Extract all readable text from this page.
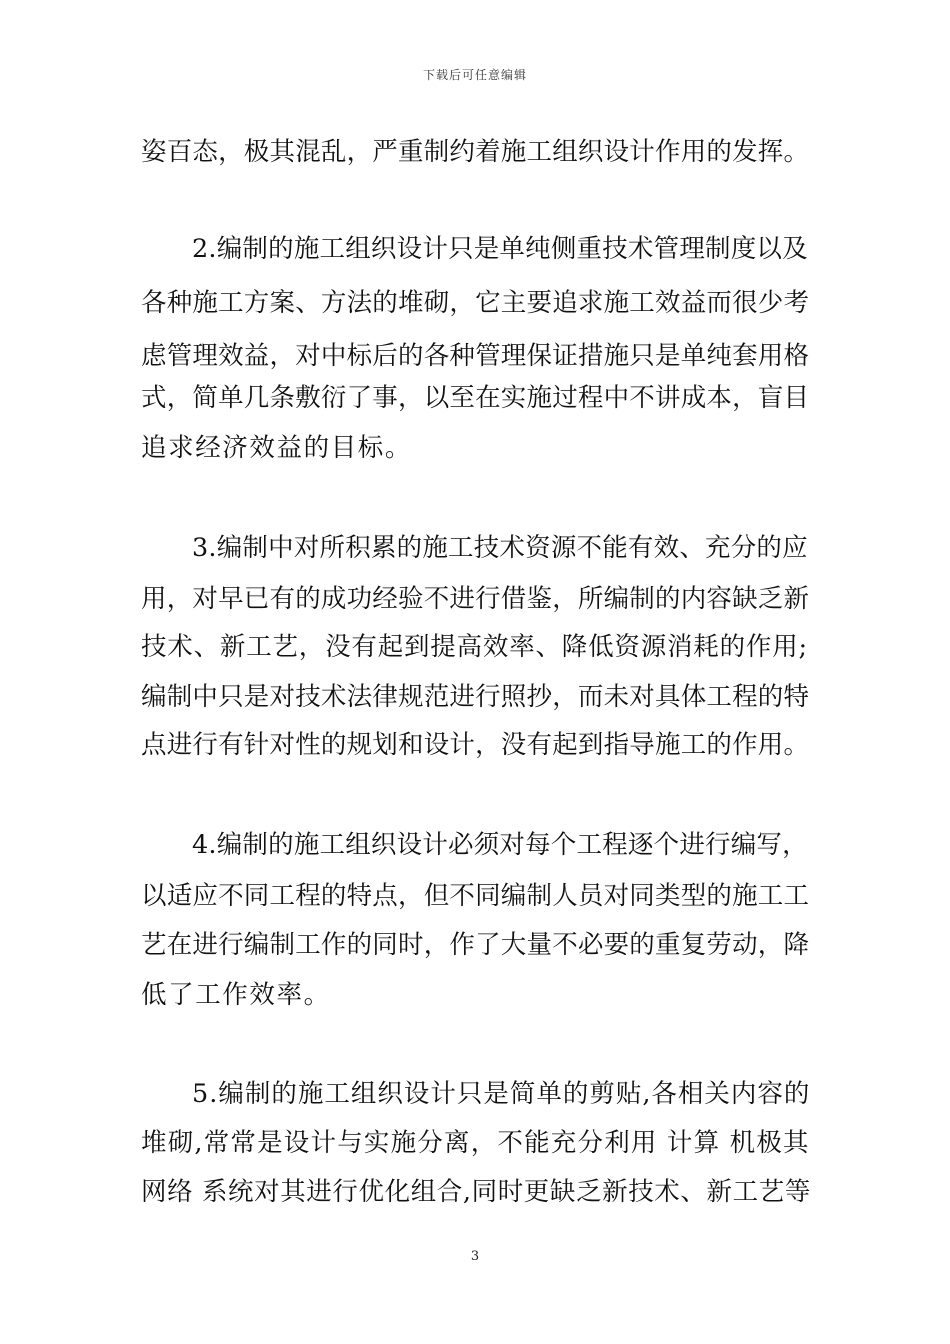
下载后可任意编辑
姿百态，极其混乱，严重制约着施工组织设计作用的发挥。
2.编制的施工组织设计只是单纯侧重技术管理制度以及
各种施工方案、方法的堆砌，它主要追求施工效益而很少考
虑管理效益，对中标后的各种管理保证措施只是单纯套用格
式，简单几条敷衍了事，以至在实施过程中不讲成本，盲目
追求经济效益的目标。
3.编制中对所积累的施工技术资源不能有效、充分的应
用，对早已有的成功经验不进行借鉴，所编制的内容缺乏新
技术、新工艺，没有起到提高效率、降低资源消耗的作用;
编制中只是对技术法律规范进行照抄，而未对具体工程的特
点进行有针对性的规划和设计，没有起到指导施工的作用。
4.编制的施工组织设计必须对每个工程逐个进行编写，
以适应不同工程的特点，但不同编制人员对同类型的施工工
艺在进行编制工作的同时，作了大量不必要的重复劳动，降
低了工作效率。
5.编制的施工组织设计只是简单的剪贴,各相关内容的
堆砌,常常是设计与实施分离，不能充分利用 计算 机极其
网络 系统对其进行优化组合,同时更缺乏新技术、新工艺等
3
